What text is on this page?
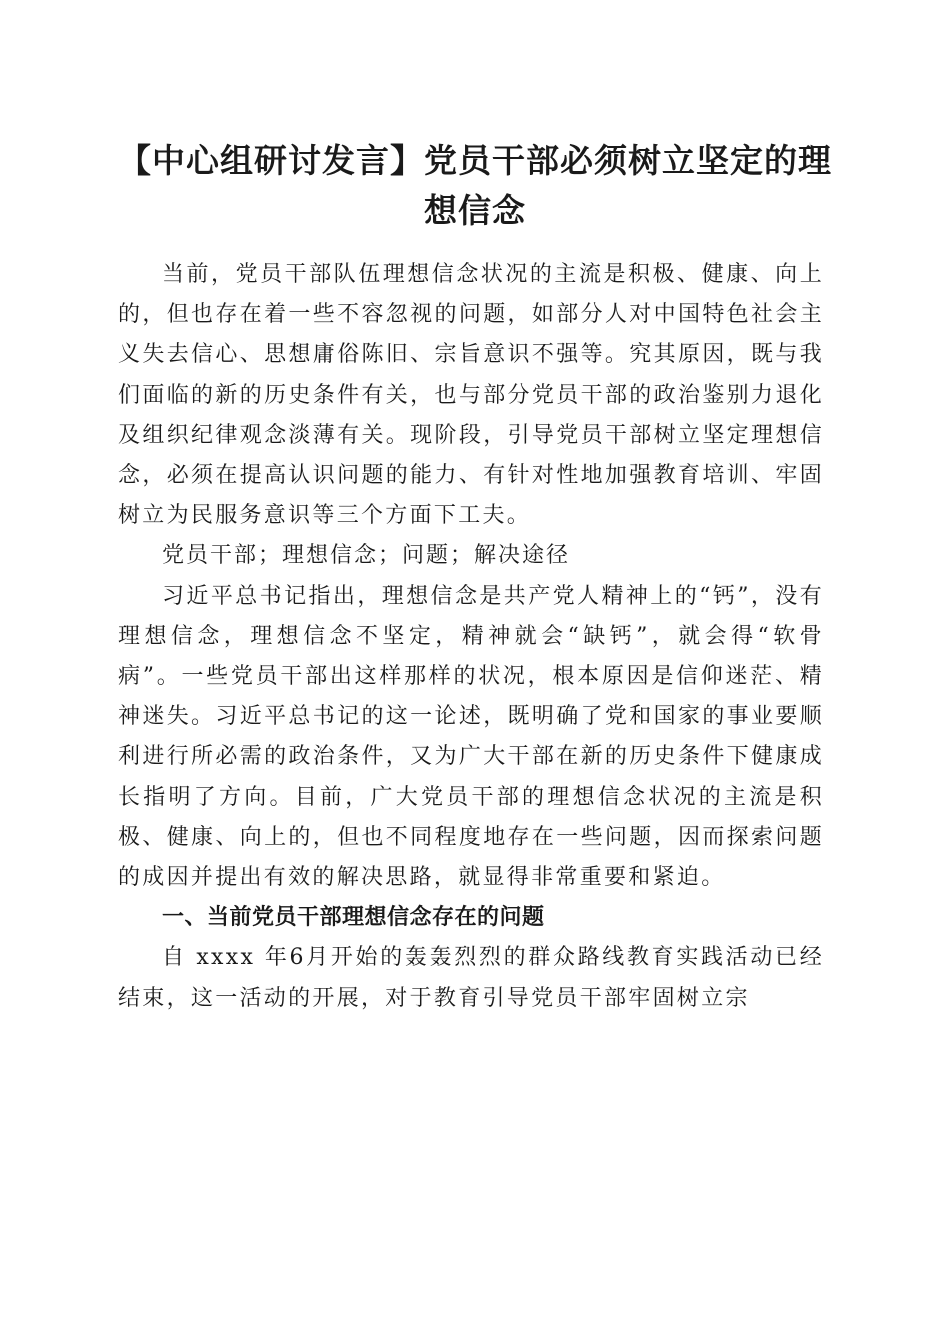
【中心组研讨发言】党员干部必须树立坚定的理想信念

当前，党员干部队伍理想信念状况的主流是积极、健康、向上的，但也存在着一些不容忽视的问题，如部分人对中国特色社会主义失去信心、思想庸俗陈旧、宗旨意识不强等。究其原因，既与我们面临的新的历史条件有关，也与部分党员干部的政治鉴别力退化及组织纪律观念淡薄有关。现阶段，引导党员干部树立坚定理想信念，必须在提高认识问题的能力、有针对性地加强教育培训、牢固树立为民服务意识等三个方面下工夫。

党员干部；理想信念；问题；解决途径

习近平总书记指出，理想信念是共产党人精神上的“钙”，没有理想信念，理想信念不坚定，精神就会“缺钙”，就会得“软骨病”。一些党员干部出这样那样的状况，根本原因是信仰迷茫、精神迷失。习近平总书记的这一论述，既明确了党和国家的事业要顺利进行所必需的政治条件，又为广大干部在新的历史条件下健康成长指明了方向。目前，广大党员干部的理想信念状况的主流是积极、健康、向上的，但也不同程度地存在一些问题，因而探索问题的成因并提出有效的解决思路，就显得非常重要和紧迫。

一、当前党员干部理想信念存在的问题

自 xxxx 年6月开始的轰轰烈烈的群众路线教育实践活动已经结束，这一活动的开展，对于教育引导党员干部牢固树立宗
